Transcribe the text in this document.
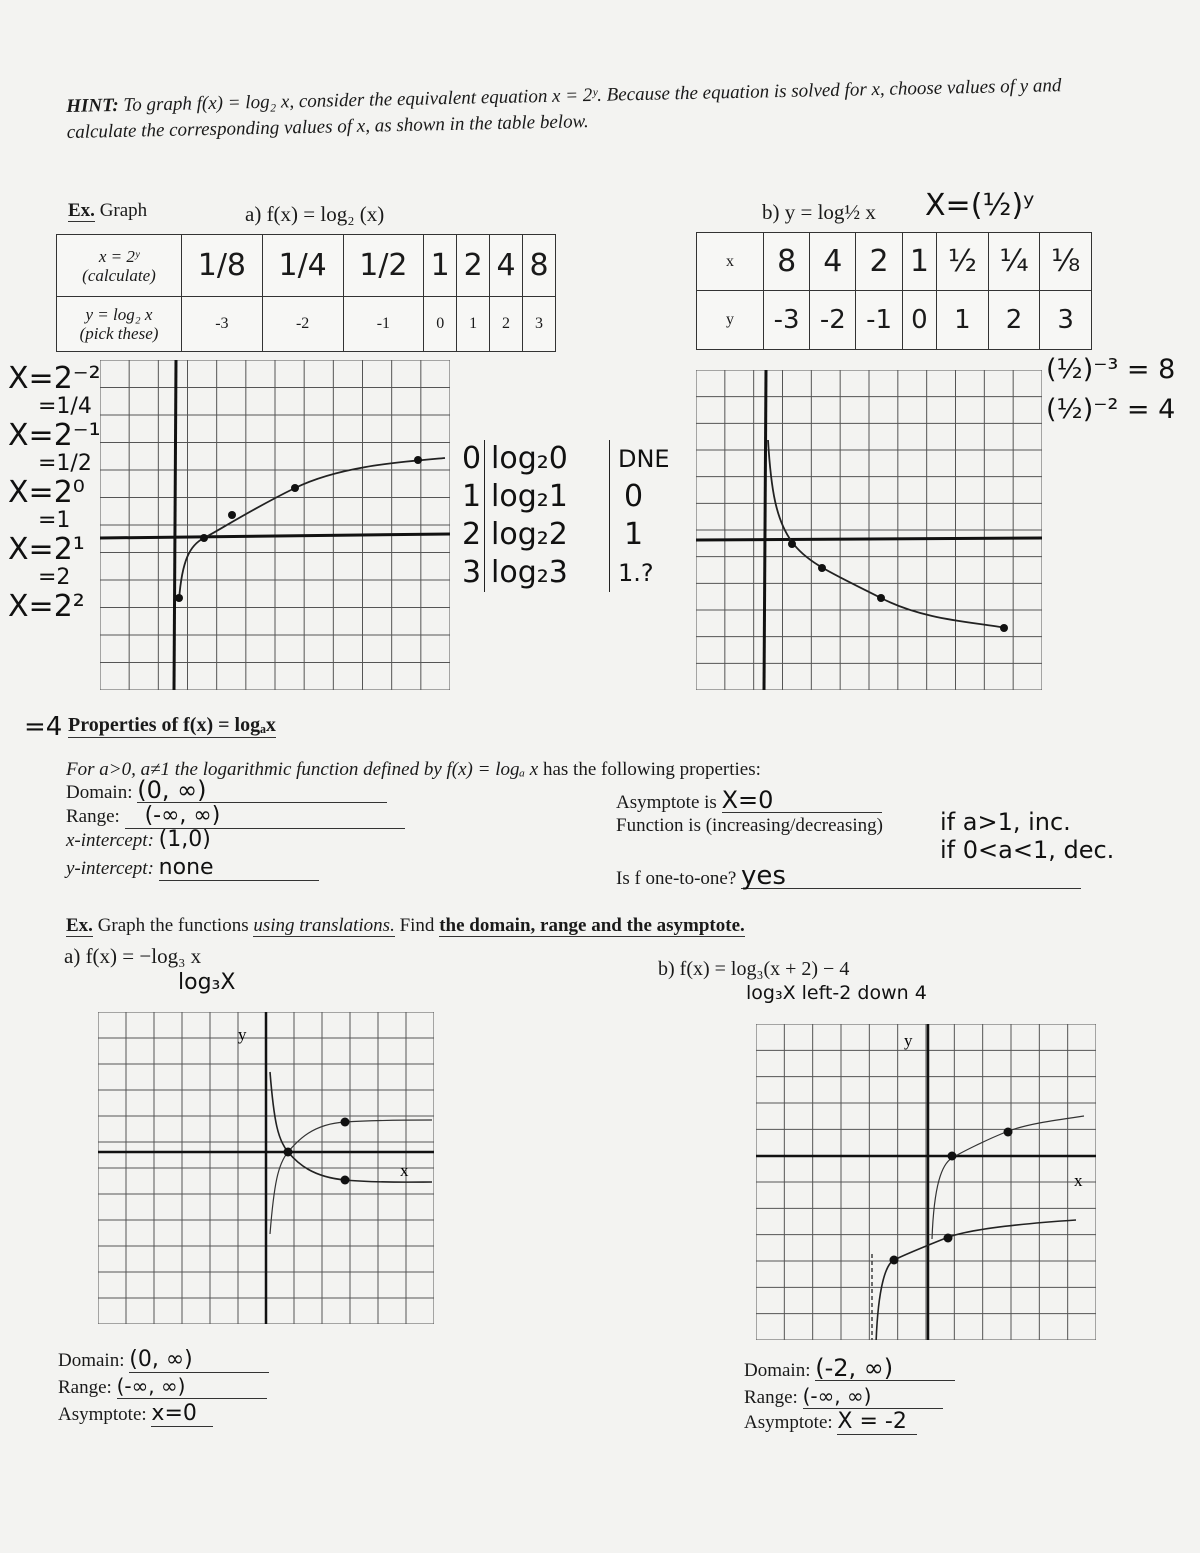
HINT: To graph f(x) = log₂ x, consider the equivalent equation x = 2ʸ. Because the equation is solved for x, choose values of y and calculate the corresponding values of x, as shown in the table below.
Ex. Graph	a) f(x) = log₂ (x)	b) y = log½ x X=(½)ʸ
x = 2ʸ
(calculate)	1/8	1/4	1/2	1	2	4	8

y = log₂ x
(pick these)	-3	-2	-1	0	1	2	3
x	8	4	2	1	½	¼	⅛
y	-3	-2	-1	0	1	2	3
X=2⁻²
=1/4
X=2⁻¹
=1/2
X=2⁰
=1
X=2¹
=2
X=2²
0 log₂0	DNE
1 log₂1	0
2 log₂2	1
3 log₂3	1.?
(½)⁻³ = 8
(½)⁻² = 4
=4 Properties of f(x) = logₐx
For a>0, a≠1 the logarithmic function defined by f(x) = logₐ x has the following properties:
Domain: (0, ∞)
Range: (-∞, ∞)
x-intercept: (1,0)
y-intercept: none
Asymptote is X=0
Function is (increasing/decreasing) if a>1, inc.
if 0<a<1, dec.
Is f one-to-one? yes
Ex. Graph the functions using translations. Find the domain, range and the asymptote.
a) f(x) = −log₃ x
log₃X
b) f(x) = log₃(x + 2) − 4
log₃X left-2 down 4
y
x
y
x
Domain: (0, ∞)
Range: (-∞, ∞)
Asymptote: x=0
Domain: (-2, ∞)
Range: (-∞, ∞)
Asymptote: X = -2
